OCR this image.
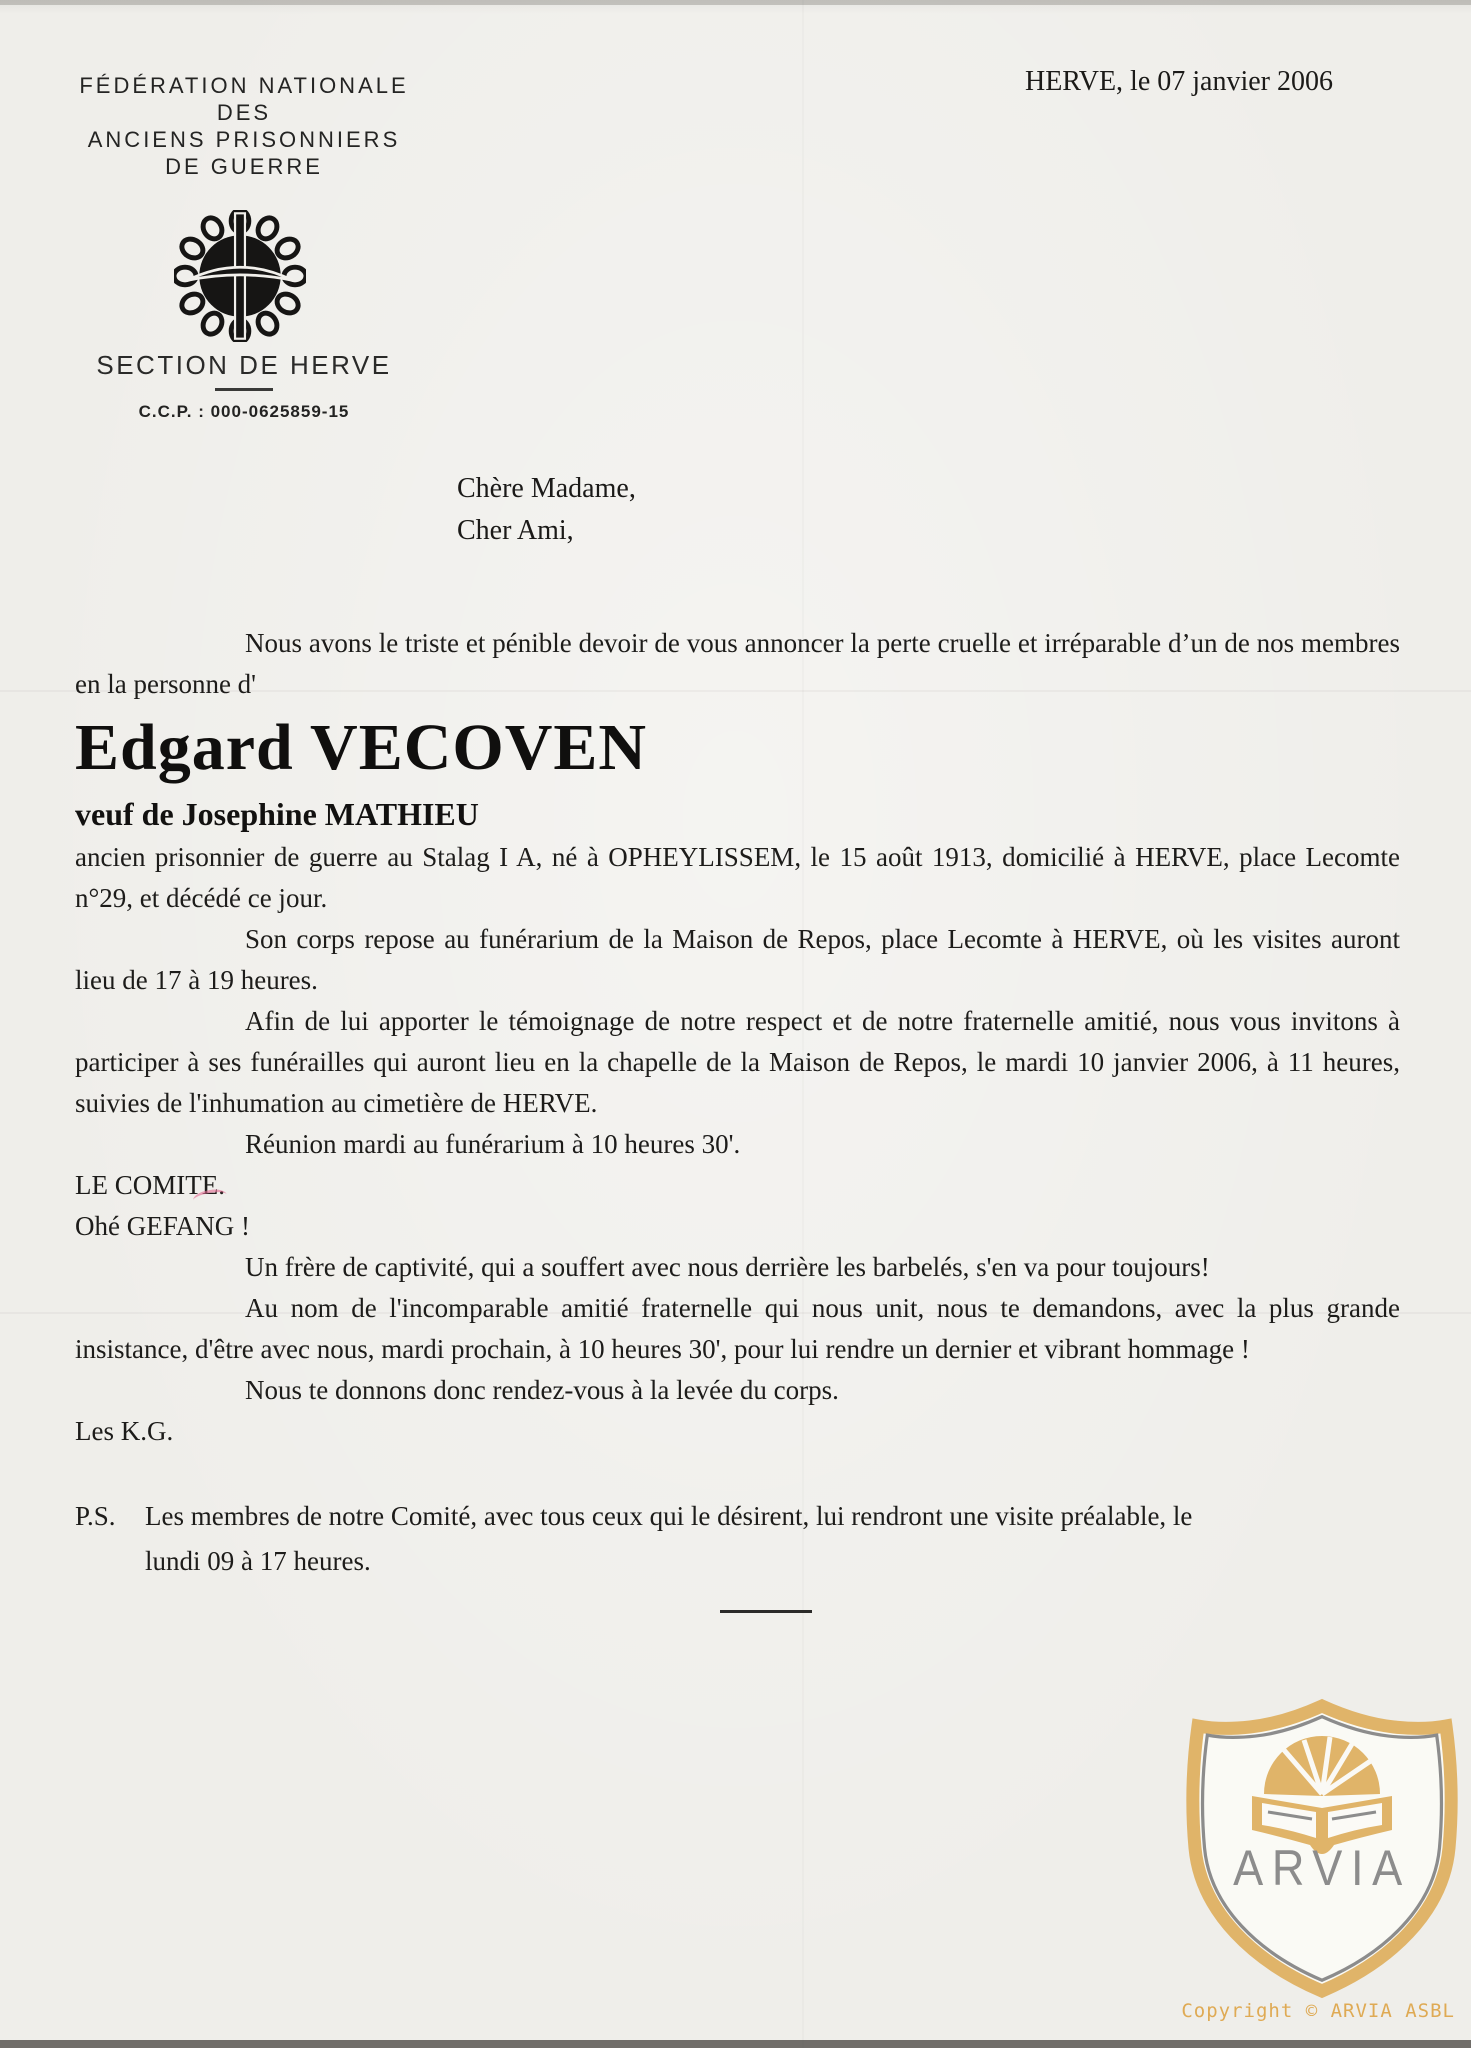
FÉDÉRATION NATIONALE
DES
ANCIENS PRISONNIERS
DE GUERRE
SECTION DE HERVE
C.C.P. : 000-0625859-15
HERVE, le 07 janvier 2006
Chère Madame,
Cher Ami,

Nous avons le triste et pénible devoir de vous annoncer la perte cruelle et irréparable d’un de nos membres en la personne d'

Edgard VECOVEN

veuf de Josephine MATHIEU

ancien prisonnier de guerre au Stalag I A, né à OPHEYLISSEM, le 15 août 1913, domicilié à HERVE, place Lecomte n°29, et décédé ce jour.

Son corps repose au funérarium de la Maison de Repos, place Lecomte à HERVE, où les visites auront lieu de 17 à 19 heures.

Afin de lui apporter le témoignage de notre respect et de notre fraternelle amitié, nous vous invitons à participer à ses funérailles qui auront lieu en la chapelle de la Maison de Repos, le mardi 10 janvier 2006, à 11 heures, suivies de l'inhumation au cimetière de HERVE.

Réunion mardi au funérarium à 10 heures 30'.

LE COMITE.

Ohé GEFANG !

Un frère de captivité, qui a souffert avec nous derrière les barbelés, s'en va pour toujours!

Au nom de l'incomparable amitié fraternelle qui nous unit, nous te demandons, avec la plus grande insistance, d'être avec nous, mardi prochain, à 10 heures 30', pour lui rendre un dernier et vibrant hommage !

Nous te donnons donc rendez-vous à la levée du corps.

Les K.G.

P.S. Les membres de notre Comité, avec tous ceux qui le désirent, lui rendront une visite préalable, le
lundi 09 à 17 heures.
ARVIA
Copyright © ARVIA ASBL
